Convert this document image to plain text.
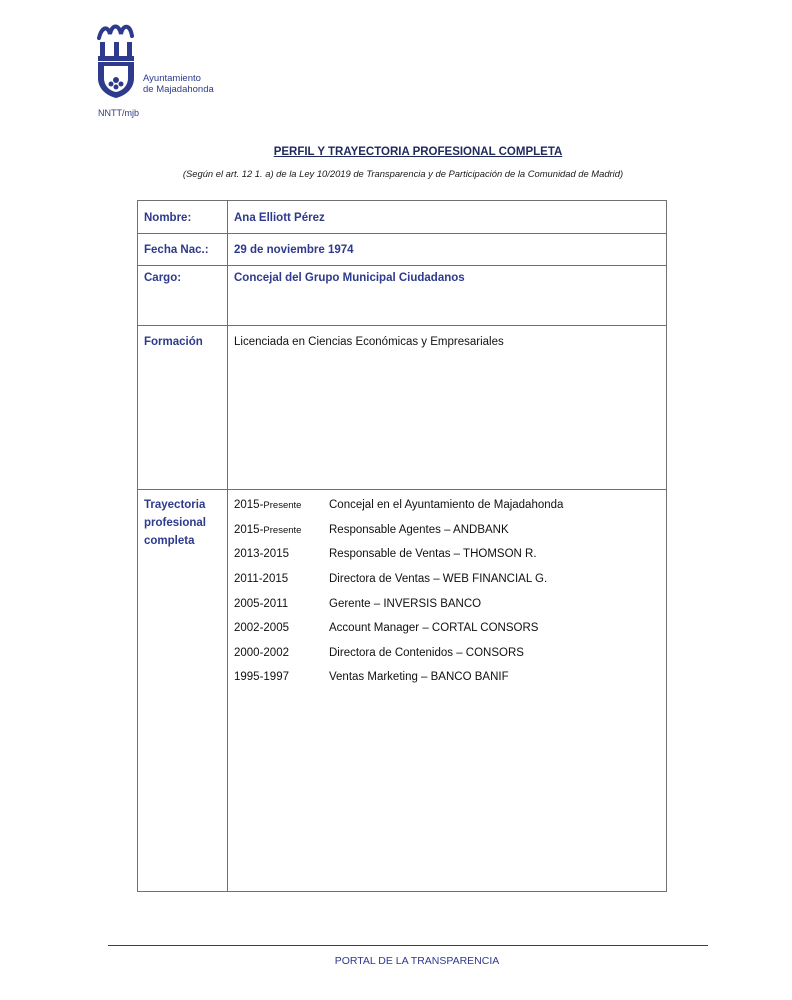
Ayuntamiento
de Majadahonda
NNTT/mjb
PERFIL Y TRAYECTORIA PROFESIONAL COMPLETA
(Según el art. 12 1. a) de la Ley 10/2019 de Transparencia y de Participación de la Comunidad de Madrid)
Nombre:	Ana Elliott Pérez
Fecha Nac.: 29 de noviembre 1974
Cargo:	Concejal del Grupo Municipal Ciudadanos
Formación	Licenciada en Ciencias Económicas y Empresariales
Trayectoria
profesional
completa
2015-Presente Concejal en el Ayuntamiento de Majadahonda
2015-Presente Responsable Agentes – ANDBANK
2013-2015	Responsable de Ventas – THOMSON R.
2011-2015	Directora de Ventas – WEB FINANCIAL G.
2005-2011	Gerente – INVERSIS BANCO
2002-2005	Account Manager – CORTAL CONSORS
2000-2002	Directora de Contenidos – CONSORS
1995-1997	Ventas Marketing – BANCO BANIF
PORTAL DE LA TRANSPARENCIA
